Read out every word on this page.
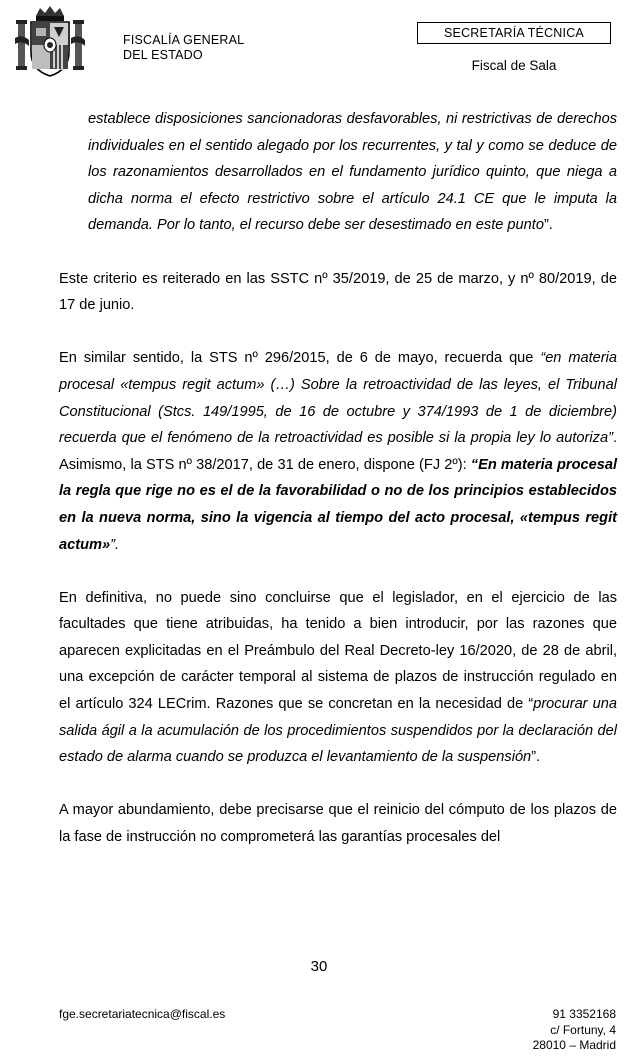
FISCALÍA GENERAL
DEL ESTADO
SECRETARÍA TÉCNICA
Fiscal de Sala

establece disposiciones sancionadoras desfavorables, ni restrictivas de derechos individuales en el sentido alegado por los recurrentes, y tal y como se deduce de los razonamientos desarrollados en el fundamento jurídico quinto, que niega a dicha norma el efecto restrictivo sobre el artículo 24.1 CE que le imputa la demanda. Por lo tanto, el recurso debe ser desestimado en este punto”.

Este criterio es reiterado en las SSTC nº 35/2019, de 25 de marzo, y nº 80/2019, de 17 de junio.

En similar sentido, la STS nº 296/2015, de 6 de mayo, recuerda que “en materia procesal «tempus regit actum» (…) Sobre la retroactividad de las leyes, el Tribunal Constitucional (Stcs. 149/1995, de 16 de octubre y 374/1993 de 1 de diciembre) recuerda que el fenómeno de la retroactividad es posible si la propia ley lo autoriza”. Asimismo, la STS nº 38/2017, de 31 de enero, dispone (FJ 2º): “En materia procesal la regla que rige no es el de la favorabilidad o no de los principios establecidos en la nueva norma, sino la vigencia al tiempo del acto procesal, «tempus regit actum»”.

En definitiva, no puede sino concluirse que el legislador, en el ejercicio de las facultades que tiene atribuidas, ha tenido a bien introducir, por las razones que aparecen explicitadas en el Preámbulo del Real Decreto-ley 16/2020, de 28 de abril, una excepción de carácter temporal al sistema de plazos de instrucción regulado en el artículo 324 LECrim. Razones que se concretan en la necesidad de “procurar una salida ágil a la acumulación de los procedimientos suspendidos por la declaración del estado de alarma cuando se produzca el levantamiento de la suspensión”.

A mayor abundamiento, debe precisarse que el reinicio del cómputo de los plazos de la fase de instrucción no comprometerá las garantías procesales del

30
fge.secretariatecnica@fiscal.es	91 3352168
c/ Fortuny, 4
28010 – Madrid
